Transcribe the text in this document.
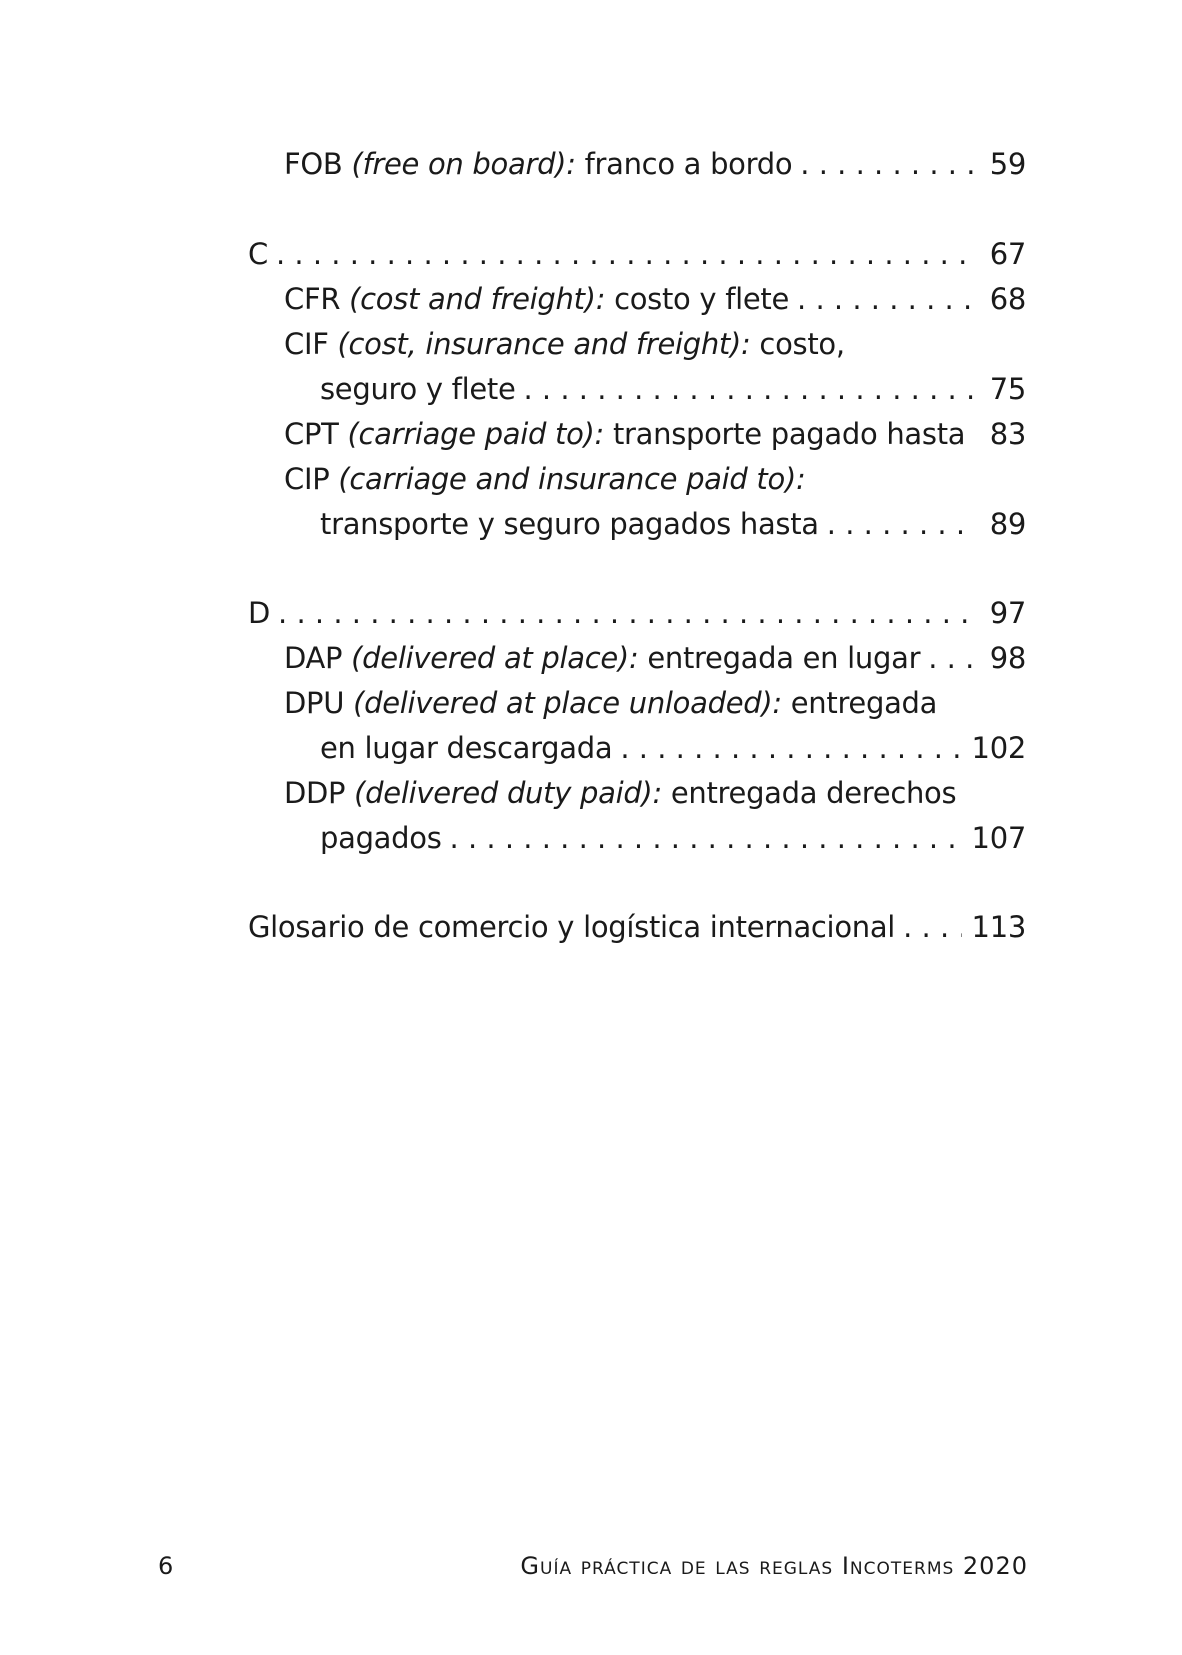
FOB (free on board): franco a bordo . . .	59
C . . .	67
CFR (cost and freight): costo y flete . . .	68
CIF (cost, insurance and freight): costo,
seguro y flete . . .	75
CPT (carriage paid to): transporte pagado hasta . . . 83
CIP (carriage and insurance paid to):
transporte y seguro pagados hasta . . .	89
D . . .	97
DAP (delivered at place): entregada en lugar . . . 98
DPU (delivered at place unloaded): entregada
en lugar descargada . . .	102
DDP (delivered duty paid): entregada derechos
pagados . . .	107
Glosario de comercio y logística internacional . . .	113
6	Guía práctica de las reglas Incoterms 2020
